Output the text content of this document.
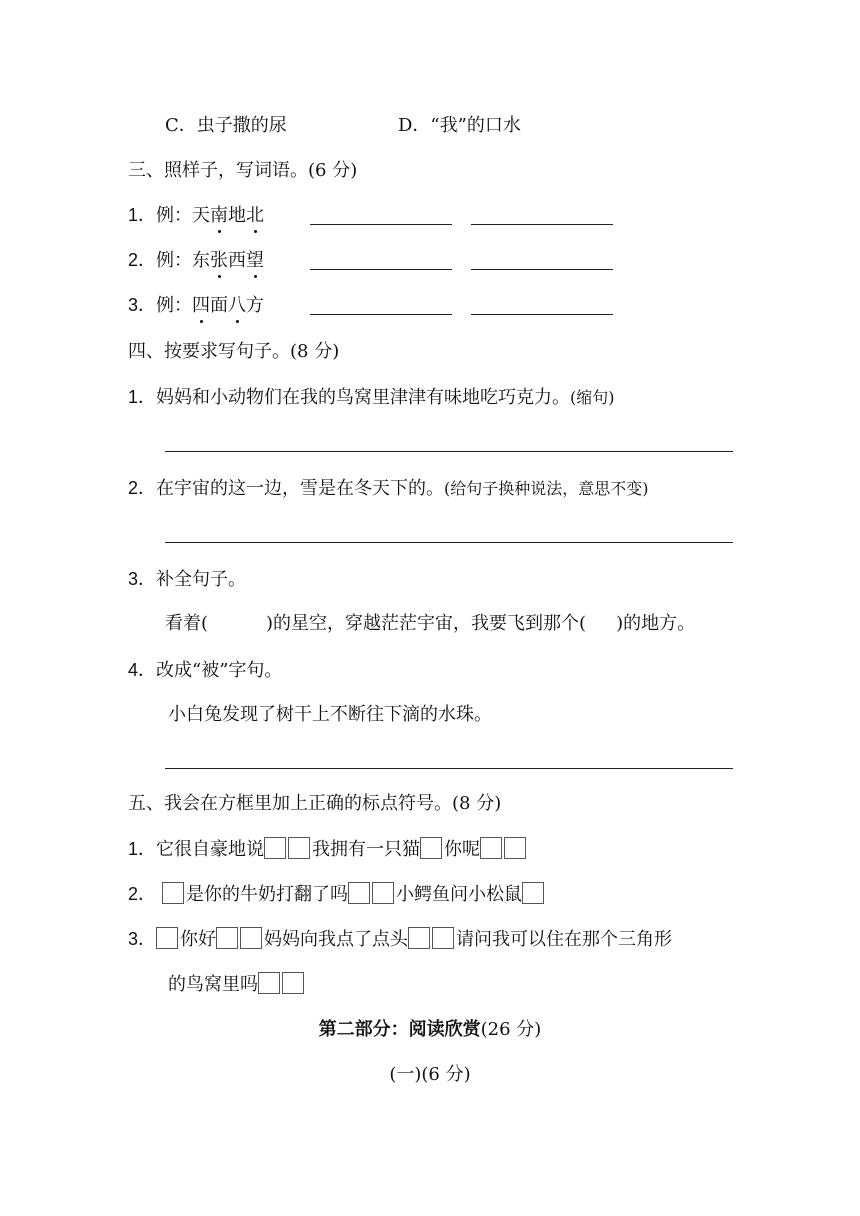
C．虫子撒的尿	D．“我”的口水
三、照样子，写词语。(6 分)
1．例：天南地北
2．例：东张西望
3．例：四面八方
四、按要求写句子。(8 分)
1．妈妈和小动物们在我的鸟窝里津津有味地吃巧克力。(缩句)
2．在宇宙的这一边，雪是在冬天下的。(给句子换种说法，意思不变)
3．补全句子。
看着(	)的星空，穿越茫茫宇宙，我要飞到那个( )的地方。
4．改成“被”字句。
小白兔发现了树干上不断往下滴的水珠。
五、我会在方框里加上正确的标点符号。(8 分)
1．它很自豪地说	我拥有一只猫 你呢
2． 是你的牛奶打翻了吗	小鳄鱼问小松鼠
3． 你好	妈妈向我点了点头	请问我可以住在那个三角形
的鸟窝里吗
第二部分：阅读欣赏(26 分)
(一)(6 分)
